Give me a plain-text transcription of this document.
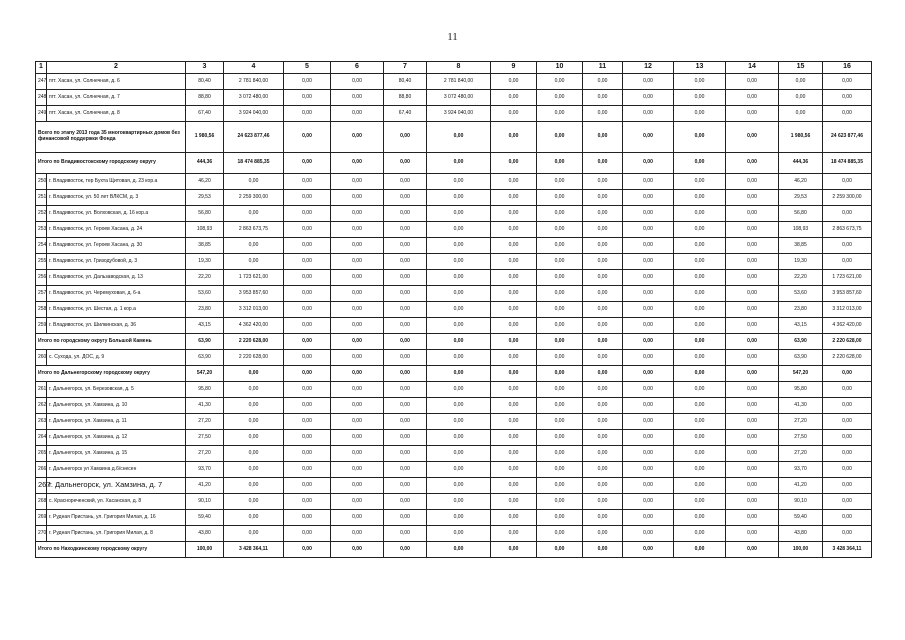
11
1	2	3	4	5	6	7	8	9	10	11	12	13	14	15	16
247	пгт. Хасан, ул. Солнечная, д. 6	80,40	2 781 840,00	0,00	0,00	80,40	2 781 840,00	0,00	0,00	0,00	0,00	0,00	0,00	0,00	0,00
248	пгт. Хасан, ул. Солнечная, д. 7	88,80	3 072 480,00	0,00	0,00	88,80	3 072 480,00	0,00	0,00	0,00	0,00	0,00	0,00	0,00	0,00
249	пгт. Хасан, ул. Солнечная, д. 8	67,40	3 924 040,00	0,00	0,00	67,40	3 924 040,00	0,00	0,00	0,00	0,00	0,00	0,00	0,00	0,00

Всего по этапу 2013 года 35 многоквартирных домов без финансовой поддержки Фонда		1 980,56	24 623 877,46	0,00	0,00	0,00	0,00	0,00	0,00	0,00	0,00	0,00	0,00	1 980,56	24 623 877,46

Итого по Владивостокскому городскому округу		444,36	18 474 885,35	0,00	0,00	0,00	0,00	0,00	0,00	0,00	0,00	0,00	0,00	444,36	18 474 885,35
250	г. Владивосток, тер Бухта Щитовая, д. 23 кор.а	46,20	0,00	0,00	0,00	0,00	0,00	0,00	0,00	0,00	0,00	0,00	0,00	46,20	0,00
251	г. Владивосток, ул. 50 лет ВЛКСМ, д. 3	29,53	2 259 300,00	0,00	0,00	0,00	0,00	0,00	0,00	0,00	0,00	0,00	0,00	29,53	2 259 300,00
252	г. Владивосток, ул. Волховская, д. 16 кор.а	56,80	0,00	0,00	0,00	0,00	0,00	0,00	0,00	0,00	0,00	0,00	0,00	56,80	0,00
253	г. Владивосток, ул. Героев Хасана, д. 24	108,93	2 863 673,75	0,00	0,00	0,00	0,00	0,00	0,00	0,00	0,00	0,00	0,00	108,93	2 863 673,75
254	г. Владивосток, ул. Героев Хасана, д. 30	38,85	0,00	0,00	0,00	0,00	0,00	0,00	0,00	0,00	0,00	0,00	0,00	38,85	0,00
255	г. Владивосток, ул. Гризодубовой, д. 3	19,30	0,00	0,00	0,00	0,00	0,00	0,00	0,00	0,00	0,00	0,00	0,00	19,30	0,00
256	г. Владивосток, ул. Дальзаводская, д. 13	22,20	1 723 621,00	0,00	0,00	0,00	0,00	0,00	0,00	0,00	0,00	0,00	0,00	22,20	1 723 621,00
257	г. Владивосток, ул. Черемуховая, д. 6-а	53,60	3 953 857,60	0,00	0,00	0,00	0,00	0,00	0,00	0,00	0,00	0,00	0,00	53,60	3 953 857,60
258	г. Владивосток, ул. Шестая, д. 1 кор.а	23,80	3 312 013,00	0,00	0,00	0,00	0,00	0,00	0,00	0,00	0,00	0,00	0,00	23,80	3 312 013,00
259	г. Владивосток, ул. Шилкинская, д. 36	43,15	4 362 420,00	0,00	0,00	0,00	0,00	0,00	0,00	0,00	0,00	0,00	0,00	43,15	4 362 420,00

Итого по городскому округу Большой Камень		63,90	2 220 628,00	0,00	0,00	0,00	0,00	0,00	0,00	0,00	0,00	0,00	0,00	63,90	2 220 628,00
260	с. Сухода, ул. ДОС, д. 9	63,90	2 220 628,00	0,00	0,00	0,00	0,00	0,00	0,00	0,00	0,00	0,00	0,00	63,90	2 220 628,00

Итого по Дальнегорскому городскому округу		547,20	0,00	0,00	0,00	0,00	0,00	0,00	0,00	0,00	0,00	0,00	0,00	547,20	0,00
261	г. Дальнегорск, ул. Березовская, д. 5	95,80	0,00	0,00	0,00	0,00	0,00	0,00	0,00	0,00	0,00	0,00	0,00	95,80	0,00
262	г. Дальнегорск, ул. Хамзина, д. 10	41,30	0,00	0,00	0,00	0,00	0,00	0,00	0,00	0,00	0,00	0,00	0,00	41,30	0,00
263	г. Дальнегорск, ул. Хамзина, д. 11	27,20	0,00	0,00	0,00	0,00	0,00	0,00	0,00	0,00	0,00	0,00	0,00	27,20	0,00
264	г. Дальнегорск, ул. Хамзина, д. 12	27,50	0,00	0,00	0,00	0,00	0,00	0,00	0,00	0,00	0,00	0,00	0,00	27,50	0,00
265	г. Дальнегорск, ул. Хамзина, д. 15	27,20	0,00	0,00	0,00	0,00	0,00	0,00	0,00	0,00	0,00	0,00	0,00	27,20	0,00
266	г. Дальнегорск ул Хамзина д.6/снесен	93,70	0,00	0,00	0,00	0,00	0,00	0,00	0,00	0,00	0,00	0,00	0,00	93,70	0,00
267	г. Дальнегорск, ул. Хамзина, д. 7	41,20	0,00	0,00	0,00	0,00	0,00	0,00	0,00	0,00	0,00	0,00	0,00	41,20	0,00
268	с. Краснореченский, ул. Хасанская, д. 8	90,10	0,00	0,00	0,00	0,00	0,00	0,00	0,00	0,00	0,00	0,00	0,00	90,10	0,00
269	г. Рудная Пристань, ул. Григория Милая, д. 16	59,40	0,00	0,00	0,00	0,00	0,00	0,00	0,00	0,00	0,00	0,00	0,00	59,40	0,00
270	г. Рудная Пристань, ул. Григория Милая, д. 8	43,80	0,00	0,00	0,00	0,00	0,00	0,00	0,00	0,00	0,00	0,00	0,00	43,80	0,00

Итого по Находкинскому городскому округу		100,00	3 428 364,11	0,00	0,00	0,00	0,00	0,00	0,00	0,00	0,00	0,00	0,00	100,00	3 428 364,11
